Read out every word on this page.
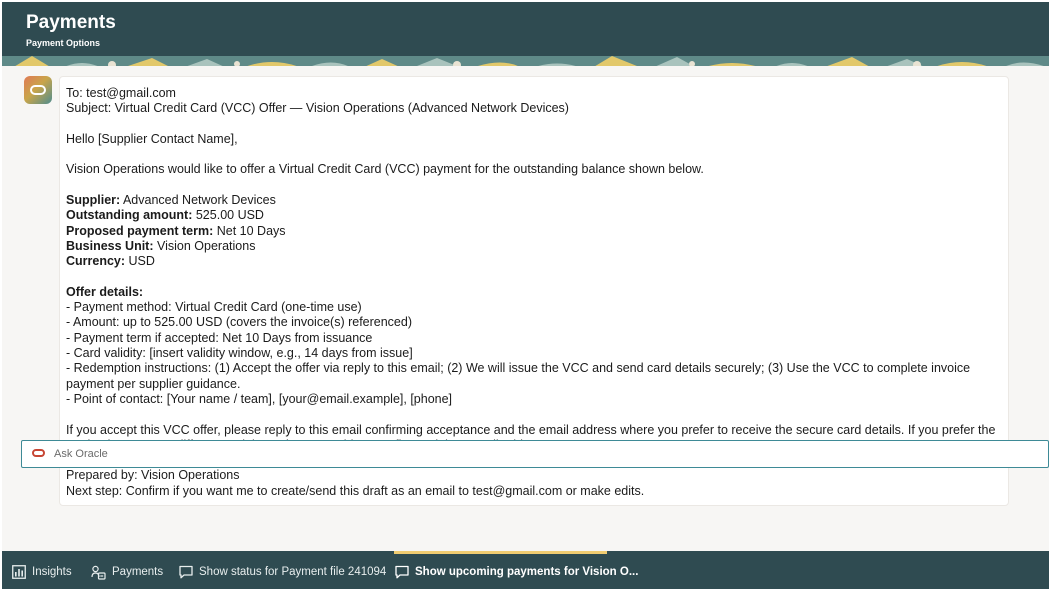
Payments
Payment Options

To: test@gmail.com

Subject: Virtual Credit Card (VCC) Offer — Vision Operations (Advanced Network Devices)

Hello [Supplier Contact Name],

Vision Operations would like to offer a Virtual Credit Card (VCC) payment for the outstanding balance shown below.

Supplier: Advanced Network Devices

Outstanding amount: 525.00 USD

Proposed payment term: Net 10 Days

Business Unit: Vision Operations

Currency: USD

Offer details:

- Payment method: Virtual Credit Card (one-time use)

- Amount: up to 525.00 USD (covers the invoice(s) referenced)

- Payment term if accepted: Net 10 Days from issuance

- Card validity: [insert validity window, e.g., 14 days from issue]

- Redemption instructions: (1) Accept the offer via reply to this email; (2) We will issue the VCC and send card details securely; (3) Use the VCC to complete invoice payment per supplier guidance.

- Point of contact: [Your name / team], [your@email.example], [phone]

If you accept this VCC offer, please reply to this email confirming acceptance and the email address where you prefer to receive the secure card details. If you prefer the

Prepared by: Vision Operations

Next step: Confirm if you want me to create/send this draft as an email to test@gmail.com or make edits.

Ask Oracle
Insights	Payments	Show status for Payment file 241094 Show upcoming payments for Vision O...
